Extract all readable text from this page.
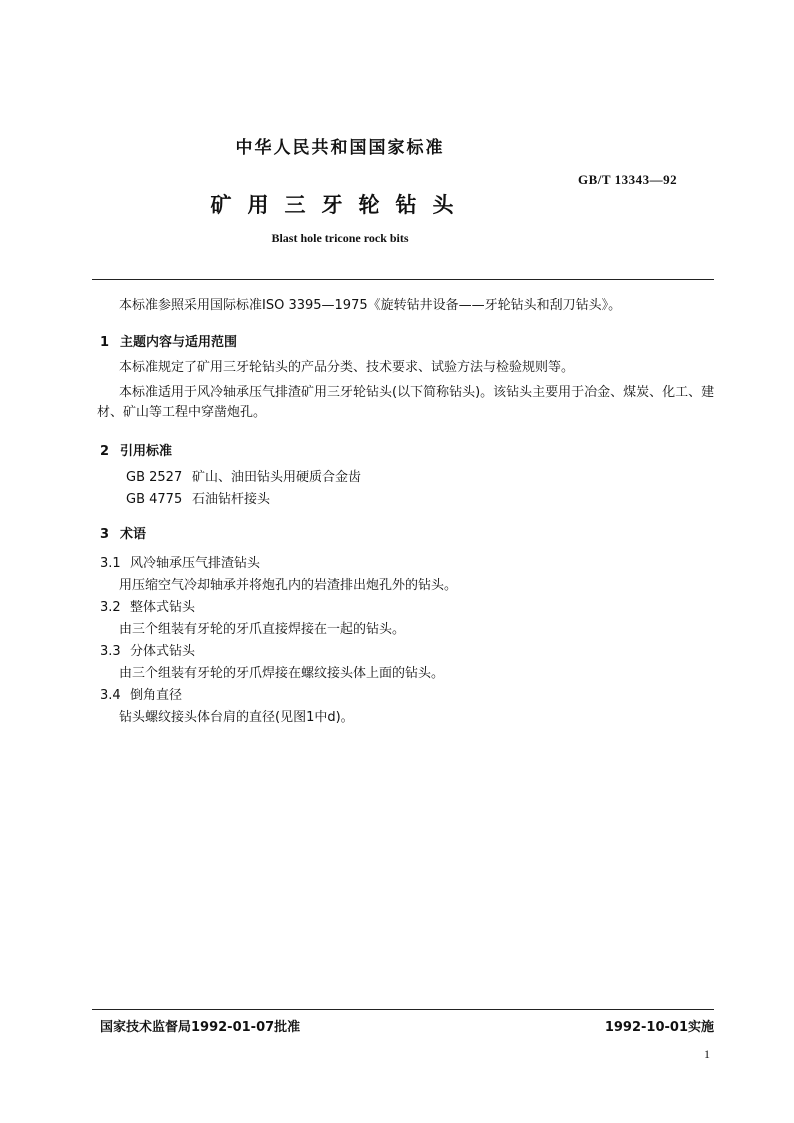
中华人民共和国国家标准
GB/T 13343—92
矿用三牙轮钻头
Blast hole tricone rock bits
本标准参照采用国际标准ISO 3395—1975《旋转钻井设备——牙轮钻头和刮刀钻头》。
1 主题内容与适用范围
本标准规定了矿用三牙轮钻头的产品分类、技术要求、试验方法与检验规则等。
本标准适用于风冷轴承压气排渣矿用三牙轮钻头(以下简称钻头)。该钻头主要用于冶金、煤炭、化工、建材、矿山等工程中穿凿炮孔。
2 引用标准
GB 2527 矿山、油田钻头用硬质合金齿
GB 4775 石油钻杆接头
3 术语
3.1 风冷轴承压气排渣钻头
用压缩空气冷却轴承并将炮孔内的岩渣排出炮孔外的钻头。
3.2 整体式钻头
由三个组装有牙轮的牙爪直接焊接在一起的钻头。
3.3 分体式钻头
由三个组装有牙轮的牙爪焊接在螺纹接头体上面的钻头。
3.4 倒角直径
钻头螺纹接头体台肩的直径(见图1中d)。
国家技术监督局1992-01-07批准	1992-10-01实施
1
